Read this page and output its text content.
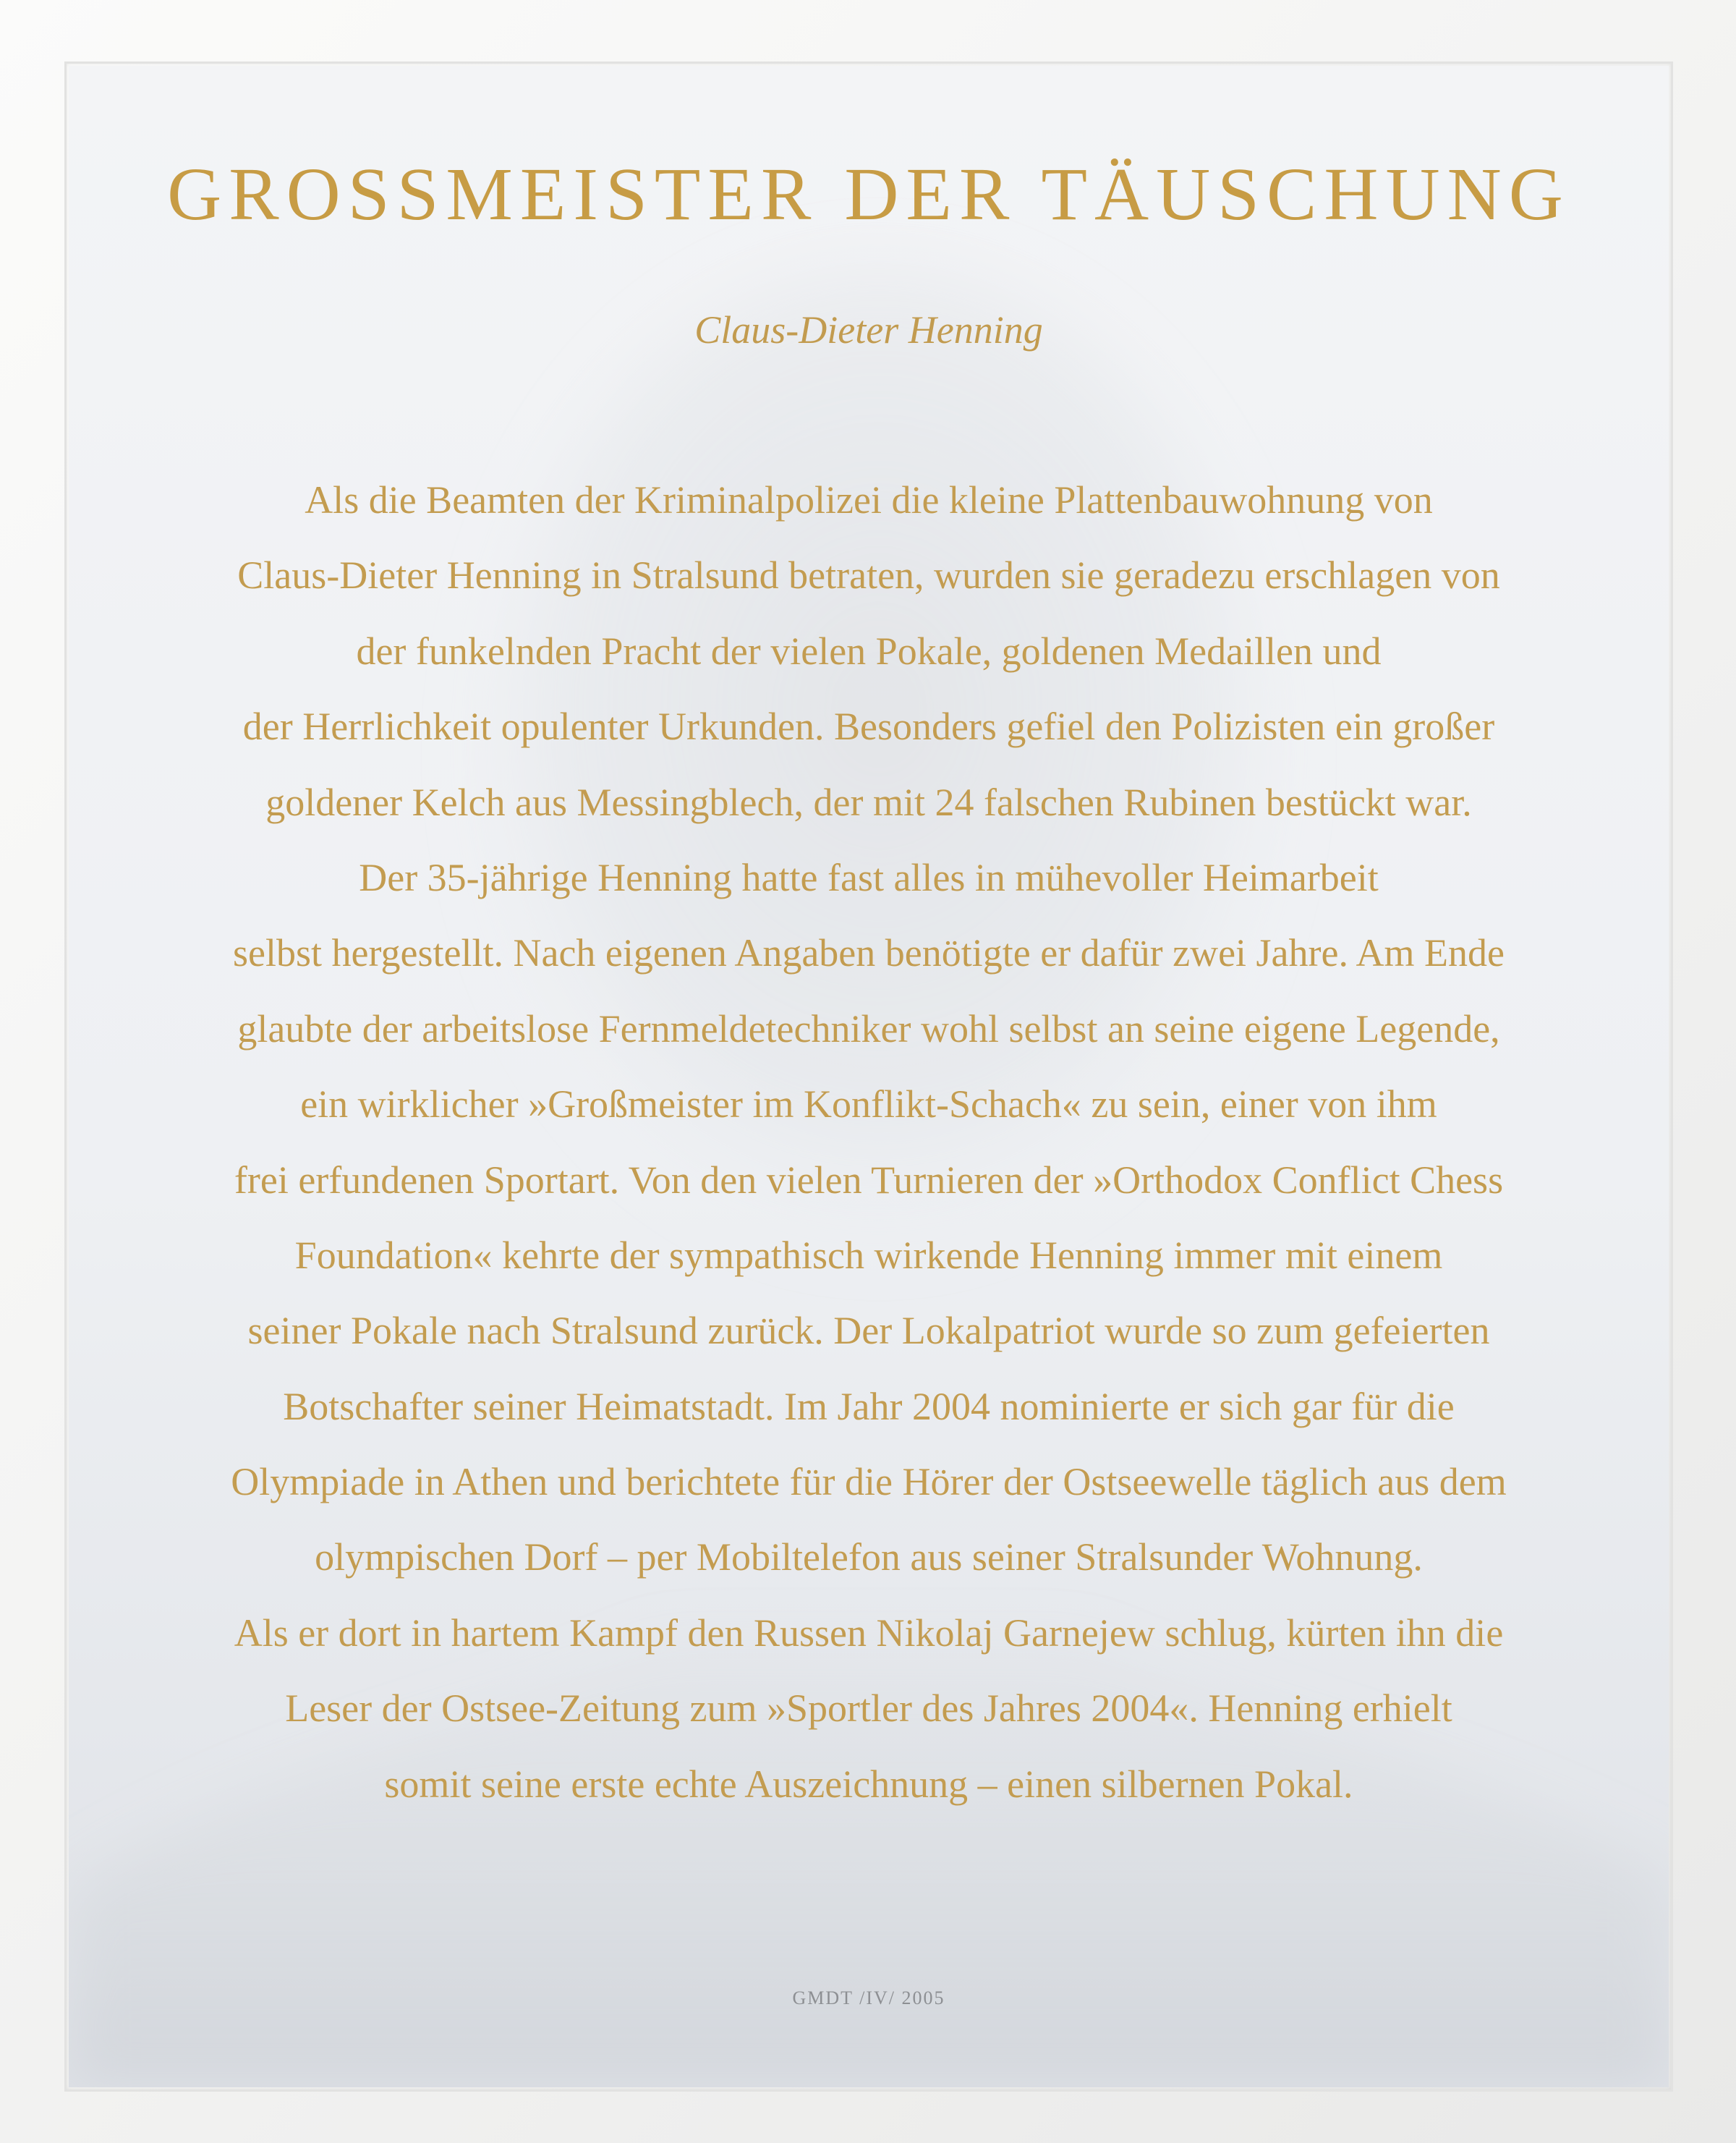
GROSSMEISTER DER TÄUSCHUNG
Claus-Dieter Henning
Als die Beamten der Kriminalpolizei die kleine Plattenbauwohnung von
Claus-Dieter Henning in Stralsund betraten, wurden sie geradezu erschlagen von
der funkelnden Pracht der vielen Pokale, goldenen Medaillen und
der Herrlichkeit opulenter Urkunden. Besonders gefiel den Polizisten ein großer
goldener Kelch aus Messingblech, der mit 24 falschen Rubinen bestückt war.
Der 35-jährige Henning hatte fast alles in mühevoller Heimarbeit
selbst hergestellt. Nach eigenen Angaben benötigte er dafür zwei Jahre. Am Ende
glaubte der arbeitslose Fernmeldetechniker wohl selbst an seine eigene Legende,
ein wirklicher »Großmeister im Konflikt-Schach« zu sein, einer von ihm
frei erfundenen Sportart. Von den vielen Turnieren der »Orthodox Conflict Chess
Foundation« kehrte der sympathisch wirkende Henning immer mit einem
seiner Pokale nach Stralsund zurück. Der Lokalpatriot wurde so zum gefeierten
Botschafter seiner Heimatstadt. Im Jahr 2004 nominierte er sich gar für die
Olympiade in Athen und berichtete für die Hörer der Ostseewelle täglich aus dem
olympischen Dorf – per Mobiltelefon aus seiner Stralsunder Wohnung.
Als er dort in hartem Kampf den Russen Nikolaj Garnejew schlug, kürten ihn die
Leser der Ostsee-Zeitung zum »Sportler des Jahres 2004«. Henning erhielt
somit seine erste echte Auszeichnung – einen silbernen Pokal.
GMDT /IV/ 2005
